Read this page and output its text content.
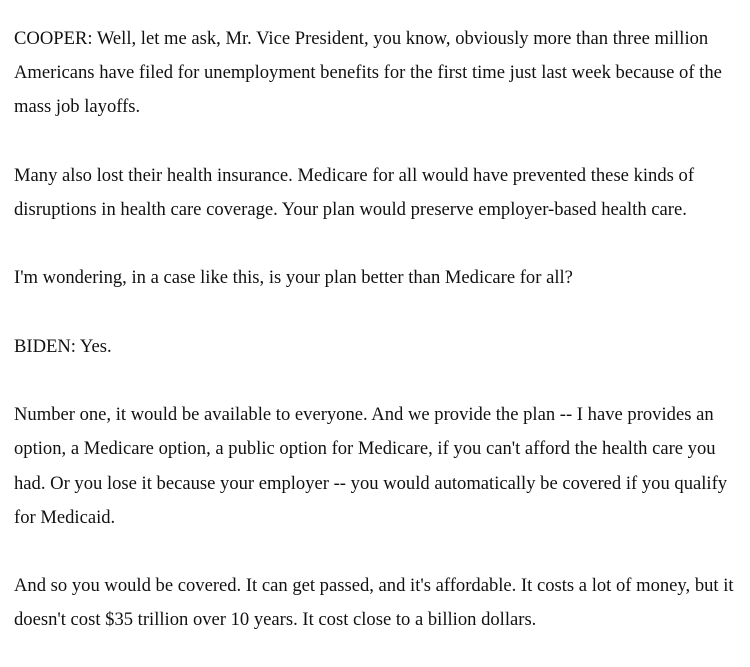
COOPER: Well, let me ask, Mr. Vice President, you know, obviously more than three million Americans have filed for unemployment benefits for the first time just last week because of the mass job layoffs.

Many also lost their health insurance. Medicare for all would have prevented these kinds of disruptions in health care coverage. Your plan would preserve employer-based health care.

I'm wondering, in a case like this, is your plan better than Medicare for all?

BIDEN: Yes.

Number one, it would be available to everyone. And we provide the plan -- I have provides an option, a Medicare option, a public option for Medicare, if you can't afford the health care you had. Or you lose it because your employer -- you would automatically be covered if you qualify for Medicaid.

And so you would be covered. It can get passed, and it's affordable. It costs a lot of money, but it doesn't cost $35 trillion over 10 years. It cost close to a billion dollars.
